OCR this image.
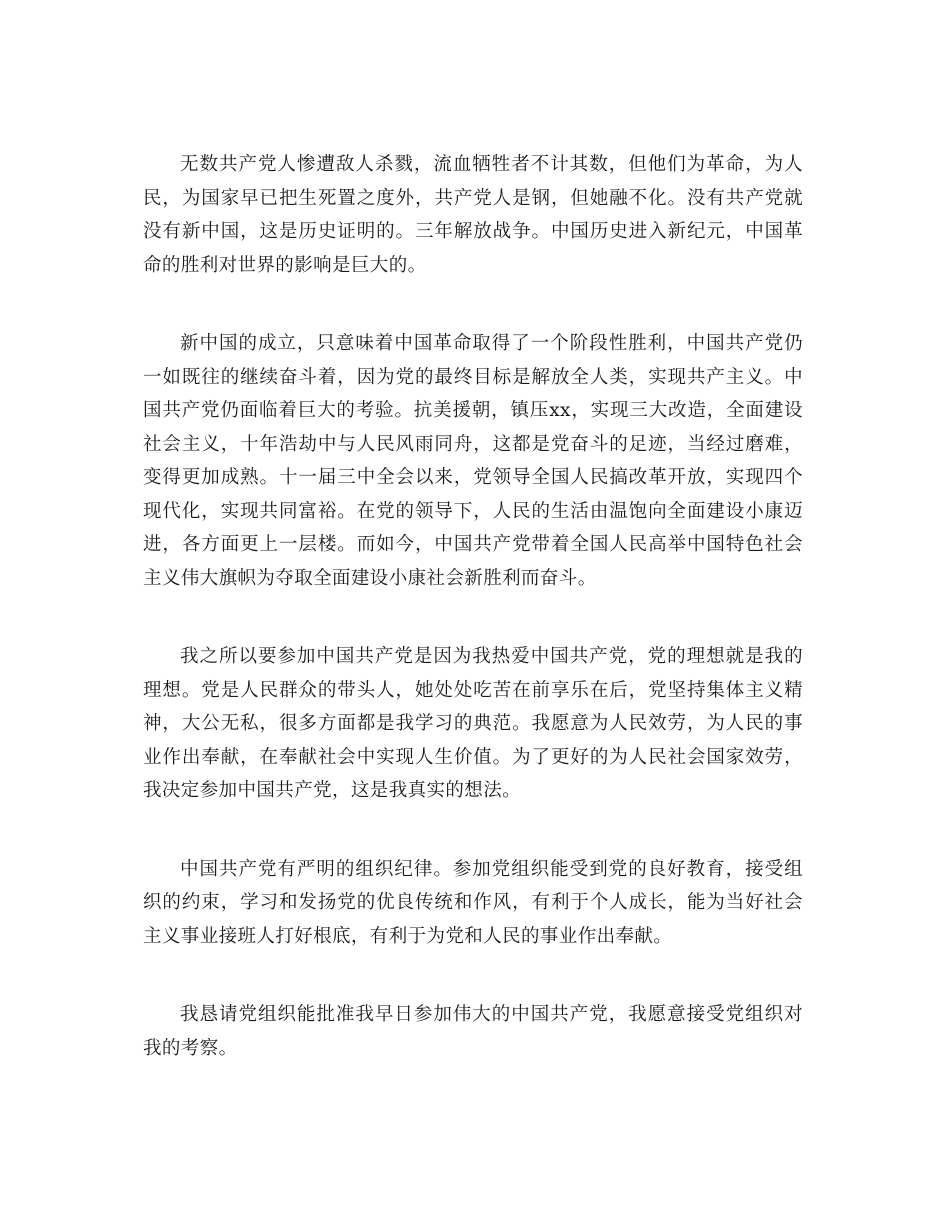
无数共产党人惨遭敌人杀戮，流血牺牲者不计其数，但他们为革命，为人民，为国家早已把生死置之度外，共产党人是钢，但她融不化。没有共产党就没有新中国，这是历史证明的。三年解放战争。中国历史进入新纪元，中国革命的胜利对世界的影响是巨大的。

新中国的成立，只意味着中国革命取得了一个阶段性胜利，中国共产党仍一如既往的继续奋斗着，因为党的最终目标是解放全人类，实现共产主义。中国共产党仍面临着巨大的考验。抗美援朝，镇压xx，实现三大改造，全面建设社会主义，十年浩劫中与人民风雨同舟，这都是党奋斗的足迹，当经过磨难，变得更加成熟。十一届三中全会以来，党领导全国人民搞改革开放，实现四个现代化，实现共同富裕。在党的领导下，人民的生活由温饱向全面建设小康迈进，各方面更上一层楼。而如今，中国共产党带着全国人民高举中国特色社会主义伟大旗帜为夺取全面建设小康社会新胜利而奋斗。

我之所以要参加中国共产党是因为我热爱中国共产党，党的理想就是我的理想。党是人民群众的带头人，她处处吃苦在前享乐在后，党坚持集体主义精神，大公无私，很多方面都是我学习的典范。我愿意为人民效劳，为人民的事业作出奉献，在奉献社会中实现人生价值。为了更好的为人民社会国家效劳，我决定参加中国共产党，这是我真实的想法。

中国共产党有严明的组织纪律。参加党组织能受到党的良好教育，接受组织的约束，学习和发扬党的优良传统和作风，有利于个人成长，能为当好社会主义事业接班人打好根底，有利于为党和人民的事业作出奉献。

我恳请党组织能批准我早日参加伟大的中国共产党，我愿意接受党组织对我的考察。
